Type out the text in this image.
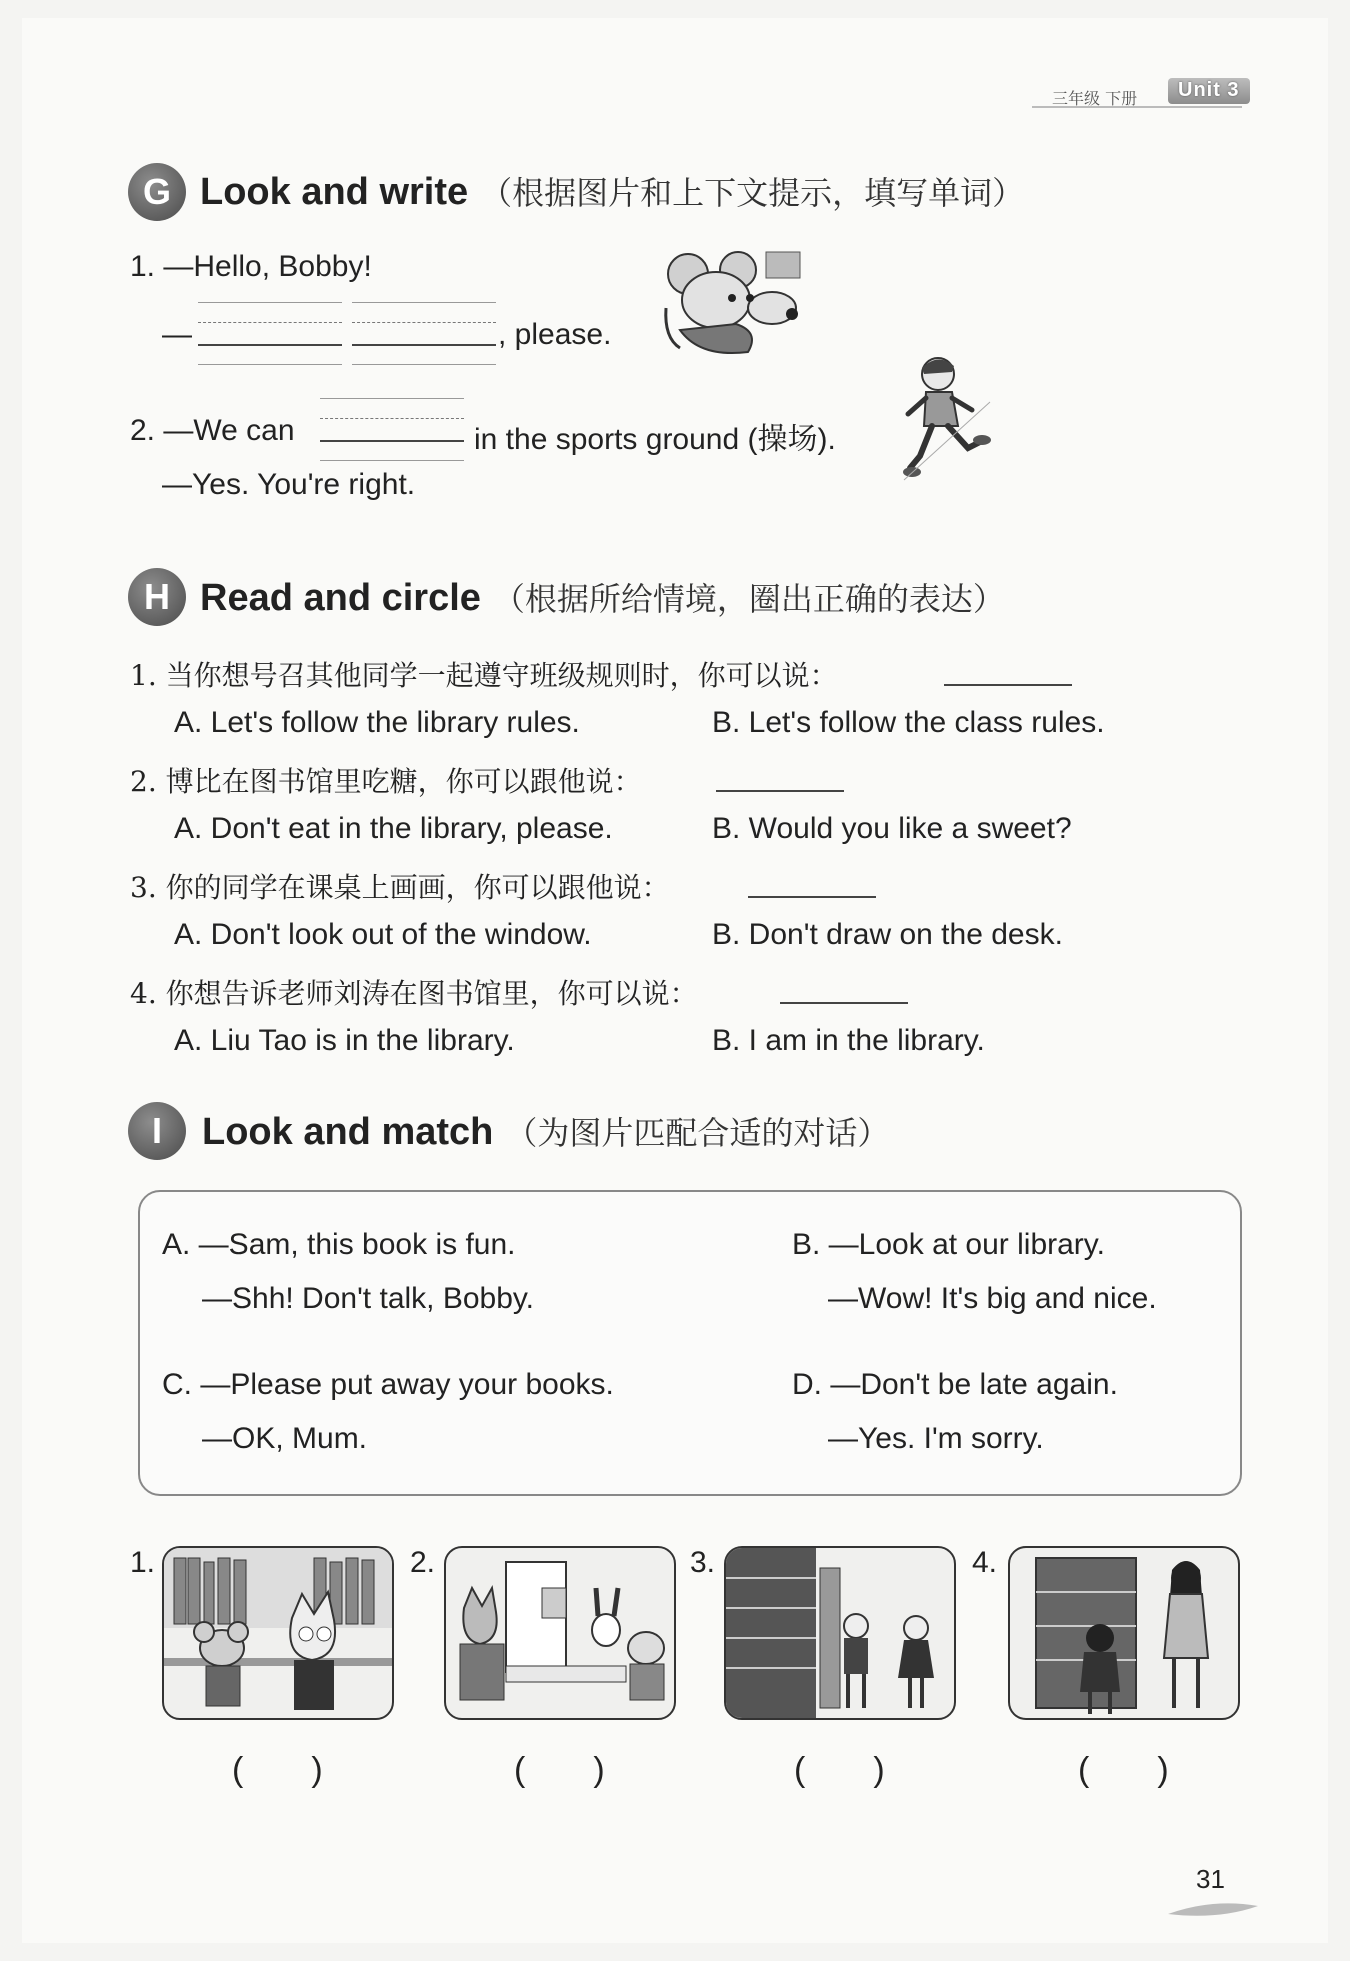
三年级 下册	Unit 3
G Look and write （根据图片和上下文提示，填写单词）
1. —Hello, Bobby!
—	, please.
2. —We can	in the sports ground (操场).
—Yes. You're right.
H Read and circle （根据所给情境，圈出正确的表达）
1. 当你想号召其他同学一起遵守班级规则时，你可以说：
A. Let's follow the library rules.	B. Let's follow the class rules.
2. 博比在图书馆里吃糖，你可以跟他说：
A. Don't eat in the library, please.	B. Would you like a sweet?
3. 你的同学在课桌上画画，你可以跟他说：
A. Don't look out of the window.	B. Don't draw on the desk.
4. 你想告诉老师刘涛在图书馆里，你可以说：
A. Liu Tao is in the library.	B. I am in the library.
I	Look and match （为图片匹配合适的对话）
A. —Sam, this book is fun.
—Shh! Don't talk, Bobby.
B. —Look at our library.
—Wow! It's big and nice.
C. —Please put away your books.
—OK, Mum.
D. —Don't be late again.
—Yes. I'm sorry.
1.	2.	3.	4.
(　　)	(　　)	(　　)	(　　)
31
